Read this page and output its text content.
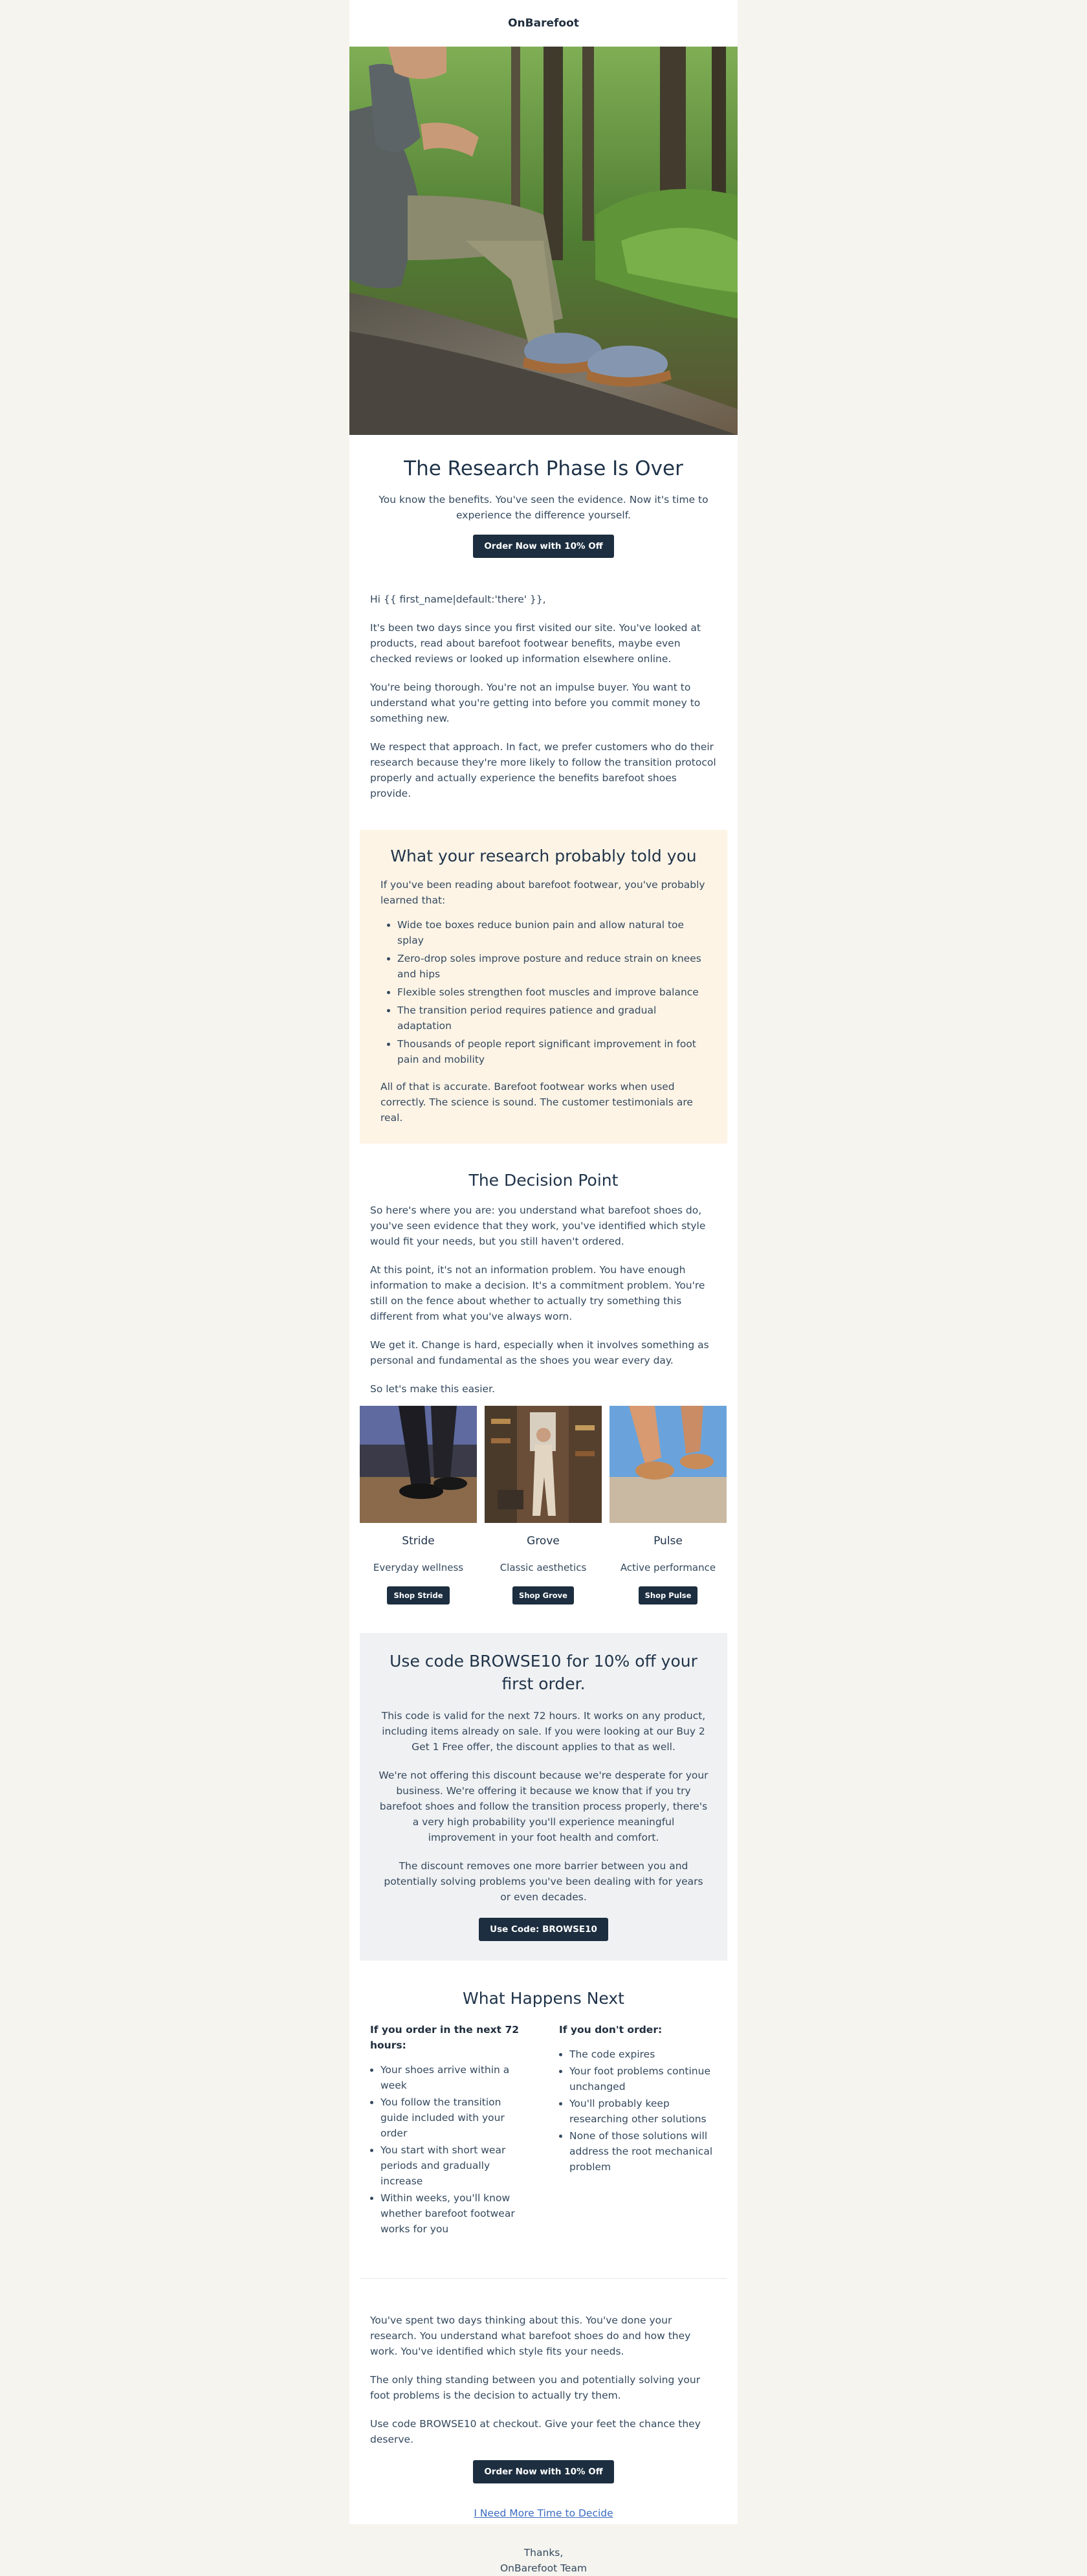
OnBarefoot
The Research Phase Is Over

You know the benefits. You've seen the evidence. Now it's time to experience the difference yourself.

Order Now with 10% Off

Hi {{ first_name|default:'there' }},

It's been two days since you first visited our site. You've looked at products, read about barefoot footwear benefits, maybe even checked reviews or looked up information elsewhere online.

You're being thorough. You're not an impulse buyer. You want to understand what you're getting into before you commit money to something new.

We respect that approach. In fact, we prefer customers who do their research because they're more likely to follow the transition protocol properly and actually experience the benefits barefoot shoes provide.

What your research probably told you

If you've been reading about barefoot footwear, you've probably learned that:

• Wide toe boxes reduce bunion pain and allow natural toe splay
• Zero-drop soles improve posture and reduce strain on knees and hips
• Flexible soles strengthen foot muscles and improve balance
• The transition period requires patience and gradual adaptation
• Thousands of people report significant improvement in foot pain and mobility

All of that is accurate. Barefoot footwear works when used correctly. The science is sound. The customer testimonials are real.

The Decision Point

So here's where you are: you understand what barefoot shoes do, you've seen evidence that they work, you've identified which style would fit your needs, but you still haven't ordered.

At this point, it's not an information problem. You have enough information to make a decision. It's a commitment problem. You're still on the fence about whether to actually try something this different from what you've always worn.

We get it. Change is hard, especially when it involves something as personal and fundamental as the shoes you wear every day.

So let's make this easier.

Stride
Everyday wellness
Shop Stride
Grove
Classic aesthetics
Shop Grove
Pulse
Active performance
Shop Pulse
Use code BROWSE10 for 10% off your first order.

This code is valid for the next 72 hours. It works on any product, including items already on sale. If you were looking at our Buy 2 Get 1 Free offer, the discount applies to that as well.

We're not offering this discount because we're desperate for your business. We're offering it because we know that if you try barefoot shoes and follow the transition process properly, there's a very high probability you'll experience meaningful improvement in your foot health and comfort.

The discount removes one more barrier between you and potentially solving problems you've been dealing with for years or even decades.

Use Code: BROWSE10
What Happens Next
If you order in the next 72 hours:
• Your shoes arrive within a week
• You follow the transition guide included with your order
• You start with short wear periods and gradually increase
• Within weeks, you'll know whether barefoot footwear works for you
If you don't order:
• The code expires
• Your foot problems continue unchanged
• You'll probably keep researching other solutions
• None of those solutions will address the root mechanical problem

You've spent two days thinking about this. You've done your research. You understand what barefoot shoes do and how they work. You've identified which style fits your needs.

The only thing standing between you and potentially solving your foot problems is the decision to actually try them.

Use code BROWSE10 at checkout. Give your feet the chance they deserve.

Order Now with 10% Off
I Need More Time to Decide
Thanks,
OnBarefoot Team
